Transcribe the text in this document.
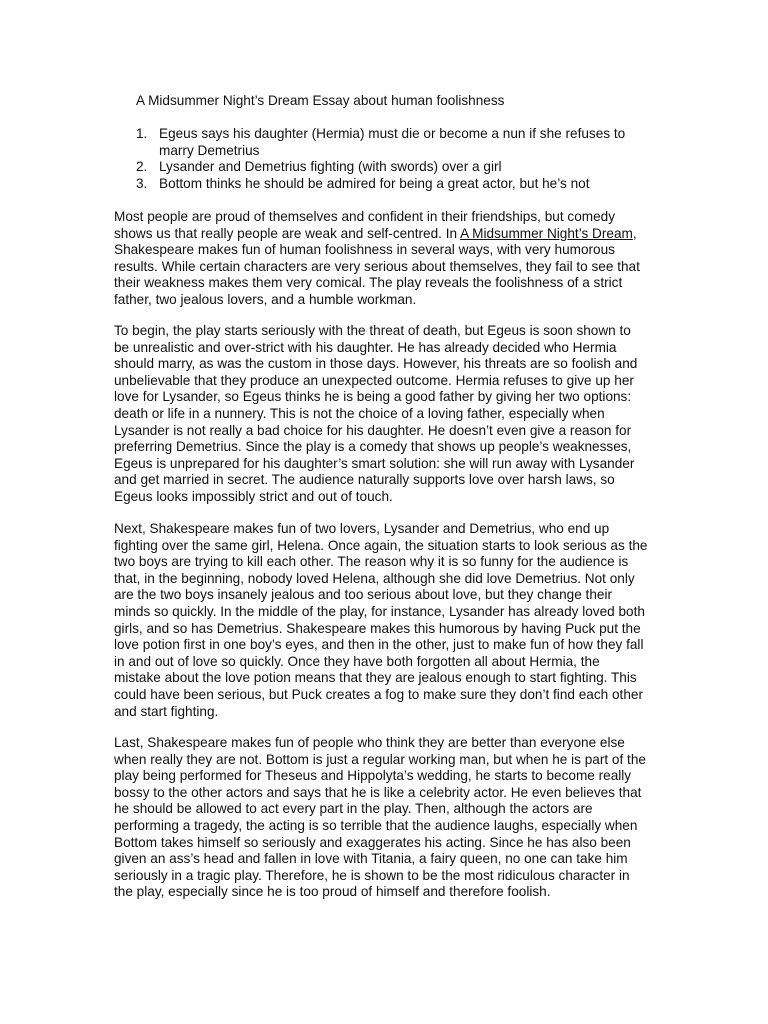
A Midsummer Night’s Dream Essay about human foolishness
1. Egeus says his daughter (Hermia) must die or become a nun if she refuses to marry Demetrius
2. Lysander and Demetrius fighting (with swords) over a girl
3. Bottom thinks he should be admired for being a great actor, but he’s not

Most people are proud of themselves and confident in their friendships, but comedy
shows us that really people are weak and self-centred. In A Midsummer Night’s Dream,
Shakespeare makes fun of human foolishness in several ways, with very humorous
results. While certain characters are very serious about themselves, they fail to see that
their weakness makes them very comical. The play reveals the foolishness of a strict
father, two jealous lovers, and a humble workman.

To begin, the play starts seriously with the threat of death, but Egeus is soon shown to
be unrealistic and over-strict with his daughter. He has already decided who Hermia
should marry, as was the custom in those days. However, his threats are so foolish and
unbelievable that they produce an unexpected outcome. Hermia refuses to give up her
love for Lysander, so Egeus thinks he is being a good father by giving her two options:
death or life in a nunnery. This is not the choice of a loving father, especially when
Lysander is not really a bad choice for his daughter. He doesn’t even give a reason for
preferring Demetrius. Since the play is a comedy that shows up people’s weaknesses,
Egeus is unprepared for his daughter’s smart solution: she will run away with Lysander
and get married in secret. The audience naturally supports love over harsh laws, so
Egeus looks impossibly strict and out of touch.

Next, Shakespeare makes fun of two lovers, Lysander and Demetrius, who end up
fighting over the same girl, Helena. Once again, the situation starts to look serious as the
two boys are trying to kill each other. The reason why it is so funny for the audience is
that, in the beginning, nobody loved Helena, although she did love Demetrius. Not only
are the two boys insanely jealous and too serious about love, but they change their
minds so quickly. In the middle of the play, for instance, Lysander has already loved both
girls, and so has Demetrius. Shakespeare makes this humorous by having Puck put the
love potion first in one boy’s eyes, and then in the other, just to make fun of how they fall
in and out of love so quickly. Once they have both forgotten all about Hermia, the
mistake about the love potion means that they are jealous enough to start fighting. This
could have been serious, but Puck creates a fog to make sure they don’t find each other
and start fighting.

Last, Shakespeare makes fun of people who think they are better than everyone else
when really they are not. Bottom is just a regular working man, but when he is part of the
play being performed for Theseus and Hippolyta’s wedding, he starts to become really
bossy to the other actors and says that he is like a celebrity actor. He even believes that
he should be allowed to act every part in the play. Then, although the actors are
performing a tragedy, the acting is so terrible that the audience laughs, especially when
Bottom takes himself so seriously and exaggerates his acting. Since he has also been
given an ass’s head and fallen in love with Titania, a fairy queen, no one can take him
seriously in a tragic play. Therefore, he is shown to be the most ridiculous character in
the play, especially since he is too proud of himself and therefore foolish.
